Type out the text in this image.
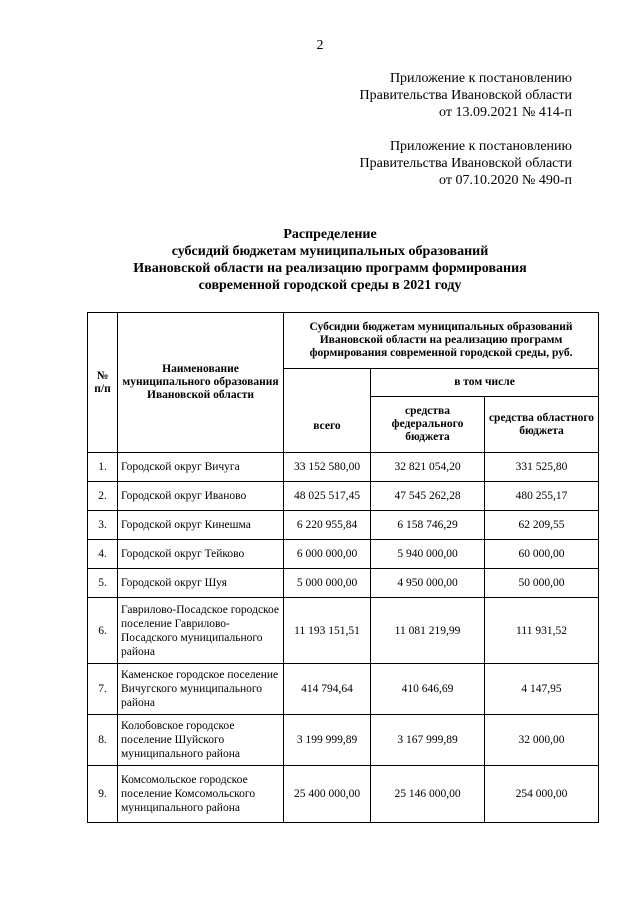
2
Приложение к постановлению
Правительства Ивановской области
от 13.09.2021 № 414-п
Приложение к постановлению
Правительства Ивановской области
от 07.10.2020 № 490-п
Распределение
субсидий бюджетам муниципальных образований
Ивановской области на реализацию программ формирования
современной городской среды в 2021 году
№ п/п	Наименование муниципального образования Ивановской области	Субсидии бюджетам муниципальных образований Ивановской области на реализацию программ формирования современной городской среды, руб.		
		всего	в том числе	
			средства федерального бюджета	средства областного бюджета
1.	Городской округ Вичуга	33 152 580,00	32 821 054,20	331 525,80
2.	Городской округ Иваново	48 025 517,45	47 545 262,28	480 255,17
3.	Городской округ Кинешма	6 220 955,84	6 158 746,29	62 209,55
4.	Городской округ Тейково	6 000 000,00	5 940 000,00	60 000,00
5.	Городской округ Шуя	5 000 000,00	4 950 000,00	50 000,00
6.	Гаврилово-Посадское городское поселение Гаврилово-Посадского муниципального района	11 193 151,51	11 081 219,99	111 931,52
7.	Каменское городское поселение Вичугского муниципального района	414 794,64	410 646,69	4 147,95
8.	Колобовское городское поселение Шуйского муниципального района	3 199 999,89	3 167 999,89	32 000,00
9.	Комсомольское городское поселение Комсомольского муниципального района	25 400 000,00	25 146 000,00	254 000,00
